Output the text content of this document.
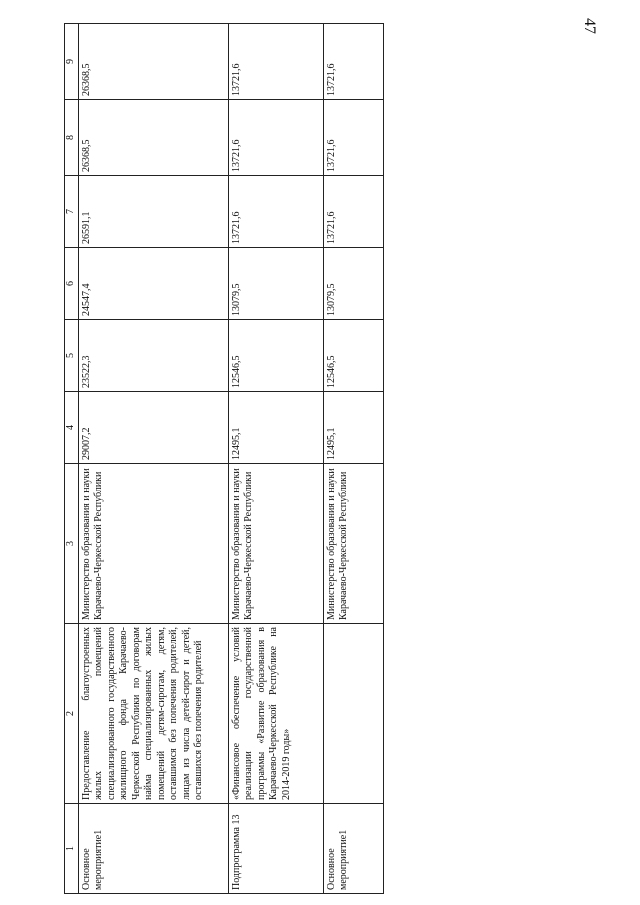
47
1	2	3	4	5	6	7	8	9
Основное мероприятие1	Предоставление благоустроенных жилых помещений специализированного государственного жилищного фонда Карачаево-Черкесской Республики по договорам найма специализированных жилых помещений детям-сиротам, детям, оставшимся без попечения родителей, лицам из числа детей-сирот и детей, оставшихся без попечения родителей	Министерство образования и науки Карачаево-Черкесской Республики	29007,2	23522,3	24547,4	26591,1	26368,5	26368,5
Подпрограмма 13	«Финансовое обеспечение условий реализации государственной программы «Развитие образования в Карачаево-Черкесской Республике на 2014-2019 годы»	Министерство образования и науки Карачаево-Черкесской Республики	12495,1	12546,5	13079,5	13721,6	13721,6	13721,6
Основное мероприятие1		Министерство образования и науки Карачаево-Черкесской Республики	12495,1	12546,5	13079,5	13721,6	13721,6	13721,6
